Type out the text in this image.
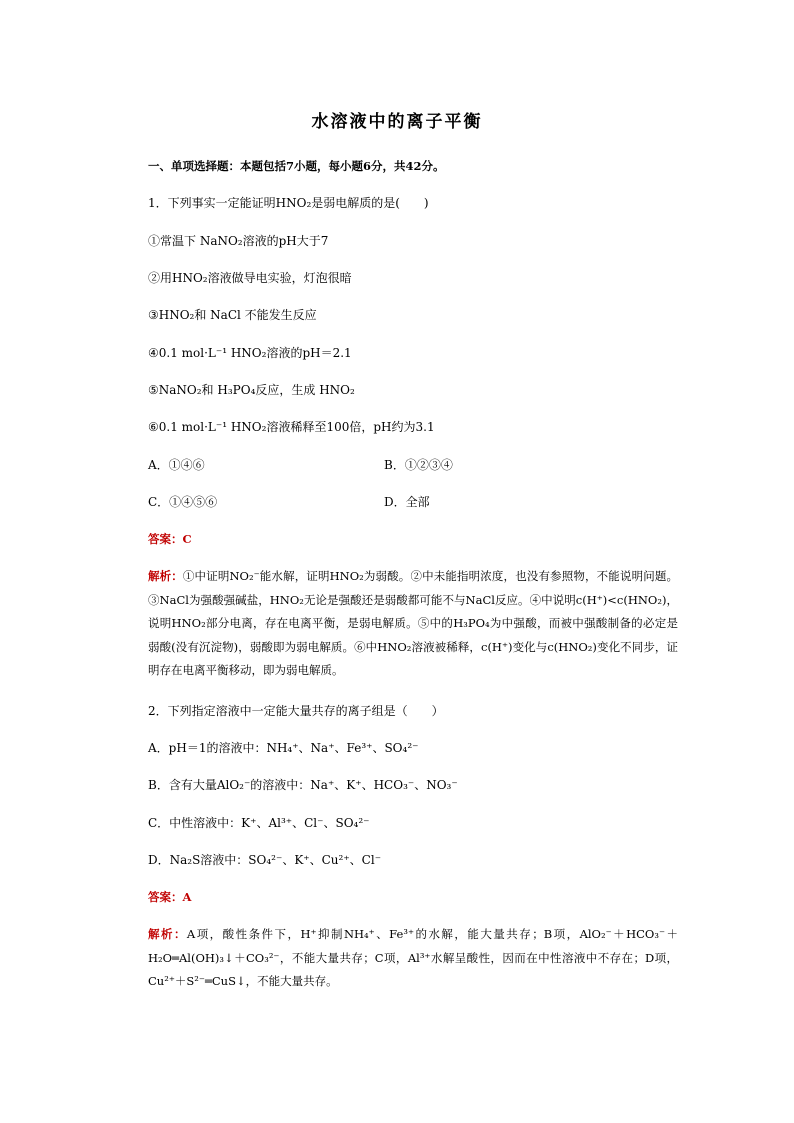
水溶液中的离子平衡
一、单项选择题：本题包括7小题，每小题6分，共42分。
1．下列事实一定能证明HNO₂是弱电解质的是(　　)
①常温下 NaNO₂溶液的pH大于7
②用HNO₂溶液做导电实验，灯泡很暗
③HNO₂和 NaCl 不能发生反应
④0.1 mol·L⁻¹ HNO₂溶液的pH＝2.1
⑤NaNO₂和 H₃PO₄反应，生成 HNO₂
⑥0.1 mol·L⁻¹ HNO₂溶液稀释至100倍，pH约为3.1
A．①④⑥	B．①②③④
C．①④⑤⑥	D．全部
答案：C
解析：①中证明NO₂⁻能水解，证明HNO₂为弱酸。②中未能指明浓度，也没有参照物，不能说明问题。③NaCl为强酸强碱盐，HNO₂无论是强酸还是弱酸都可能不与NaCl反应。④中说明c(H⁺)<c(HNO₂)，说明HNO₂部分电离，存在电离平衡，是弱电解质。⑤中的H₃PO₄为中强酸，而被中强酸制备的必定是弱酸(没有沉淀物)，弱酸即为弱电解质。⑥中HNO₂溶液被稀释，c(H⁺)变化与c(HNO₂)变化不同步，证明存在电离平衡移动，即为弱电解质。
2．下列指定溶液中一定能大量共存的离子组是（　　）
A．pH＝1的溶液中：NH₄⁺、Na⁺、Fe³⁺、SO₄²⁻
B．含有大量AlO₂⁻的溶液中：Na⁺、K⁺、HCO₃⁻、NO₃⁻
C．中性溶液中：K⁺、Al³⁺、Cl⁻、SO₄²⁻
D．Na₂S溶液中：SO₄²⁻、K⁺、Cu²⁺、Cl⁻
答案：A
解析：A项，酸性条件下，H⁺抑制NH₄⁺、Fe³⁺的水解，能大量共存；B项，AlO₂⁻＋HCO₃⁻＋H₂O═Al(OH)₃↓＋CO₃²⁻，不能大量共存；C项，Al³⁺水解呈酸性，因而在中性溶液中不存在；D项，Cu²⁺＋S²⁻═CuS↓，不能大量共存。
